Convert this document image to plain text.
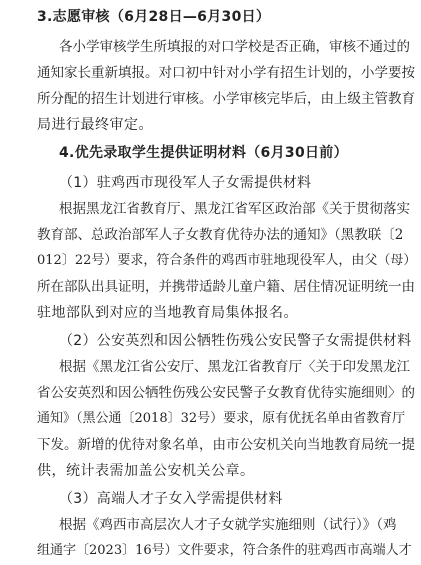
3.志愿审核（6月28日—6月30日）
各小学审核学生所填报的对口学校是否正确，审核不通过的
通知家长重新填报。对口初中针对小学有招生计划的，小学要按
所分配的招生计划进行审核。小学审核完毕后，由上级主管教育
局进行最终审定。
4.优先录取学生提供证明材料（6月30日前）
（1）驻鸡西市现役军人子女需提供材料
根据黑龙江省教育厅、黑龙江省军区政治部《关于贯彻落实
教育部、总政治部军人子女教育优待办法的通知》（黑教联〔2
012〕22号）要求，符合条件的鸡西市驻地现役军人，由父（母）
所在部队出具证明，并携带适龄儿童户籍、居住情况证明统一由
驻地部队到对应的当地教育局集体报名。
（2）公安英烈和因公牺牲伤残公安民警子女需提供材料
根据《黑龙江省公安厅、黑龙江省教育厅〈关于印发黑龙江
省公安英烈和因公牺牲伤残公安民警子女教育优待实施细则〉的
通知》（黑公通〔2018〕32号）要求，原有优抚名单由省教育厅
下发。新增的优待对象名单，由市公安机关向当地教育局统一提
供，统计表需加盖公安机关公章。
（3）高端人才子女入学需提供材料
根据《鸡西市高层次人才子女就学实施细则（试行）》（鸡
组通字〔2023〕16号）文件要求，符合条件的驻鸡西市高端人才
